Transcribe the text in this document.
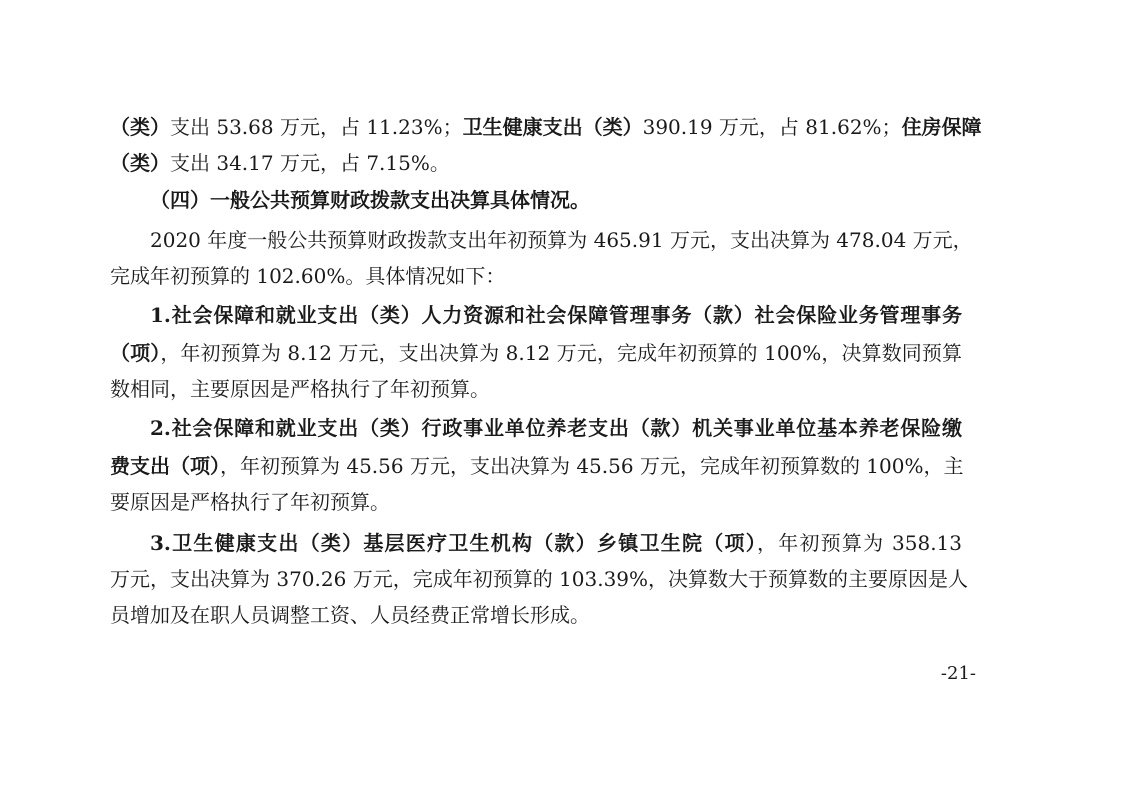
（类）支出 53.68 万元，占 11.23%；卫生健康支出（类）390.19 万元，占 81.62%；住房保障
（类）支出 34.17 万元，占 7.15%。
（四）一般公共预算财政拨款支出决算具体情况。
2020 年度一般公共预算财政拨款支出年初预算为 465.91 万元，支出决算为 478.04 万元，
完成年初预算的 102.60%。具体情况如下：
1.社会保障和就业支出（类）人力资源和社会保障管理事务（款）社会保险业务管理事务
（项），年初预算为 8.12 万元，支出决算为 8.12 万元，完成年初预算的 100%，决算数同预算
数相同，主要原因是严格执行了年初预算。
2.社会保障和就业支出（类）行政事业单位养老支出（款）机关事业单位基本养老保险缴
费支出（项），年初预算为 45.56 万元，支出决算为 45.56 万元，完成年初预算数的 100%，主
要原因是严格执行了年初预算。
3.卫生健康支出（类）基层医疗卫生机构（款）乡镇卫生院（项），年初预算为 358.13
万元，支出决算为 370.26 万元，完成年初预算的 103.39%，决算数大于预算数的主要原因是人
员增加及在职人员调整工资、人员经费正常增长形成。
-21-
